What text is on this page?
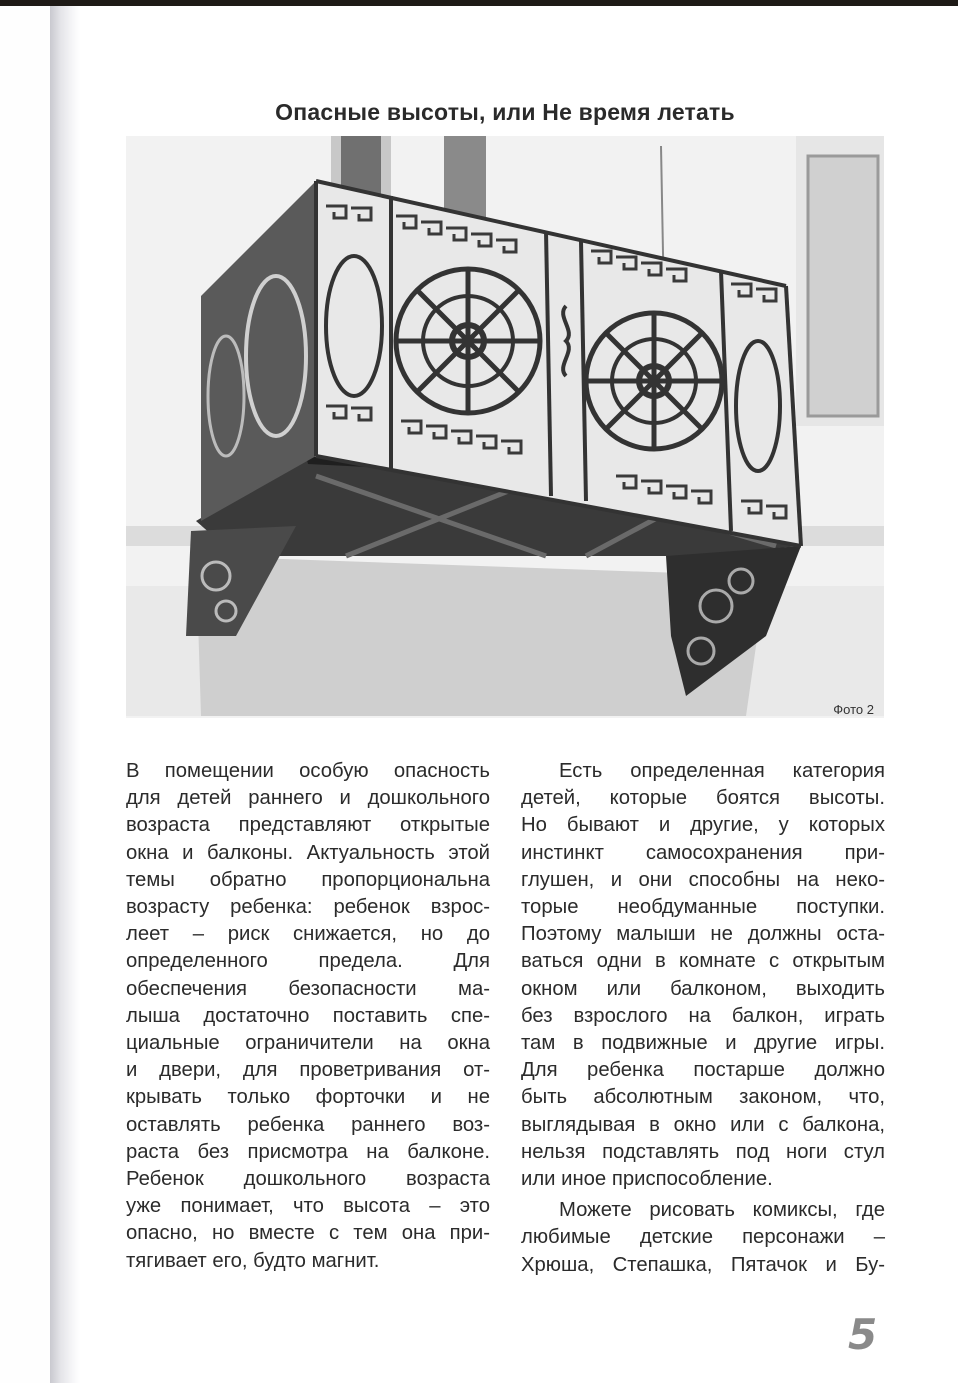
Опасные высоты, или Не время летать
Фото 2

В помещении особую опасность
для детей раннего и дошкольного
возраста представляют открытые
окна и балконы. Актуальность этой
темы обратно пропорциональна
возрасту ребенка: ребенок взрос-
леет – риск снижается, но до
определенного предела. Для
обеспечения безопасности ма-
лыша достаточно поставить спе-
циальные ограничители на окна
и двери, для проветривания от-
крывать только форточки и не
оставлять ребенка раннего воз-
раста без присмотра на балконе.
Ребенок дошкольного возраста
уже понимает, что высота – это
опасно, но вместе с тем она при-
тягивает его, будто магнит.

Есть определенная категория
детей, которые боятся высоты.
Но бывают и другие, у которых
инстинкт самосохранения при-
глушен, и они способны на неко-
торые необдуманные поступки.
Поэтому малыши не должны оста-
ваться одни в комнате с открытым
окном или балконом, выходить
без взрослого на балкон, играть
там в подвижные и другие игры.
Для ребенка постарше должно
быть абсолютным законом, что,
выглядывая в окно или с балкона,
нельзя подставлять под ноги стул
или иное приспособление.

Можете рисовать комиксы, где
любимые детские персонажи –
Хрюша, Степашка, Пятачок и Бу-

5
